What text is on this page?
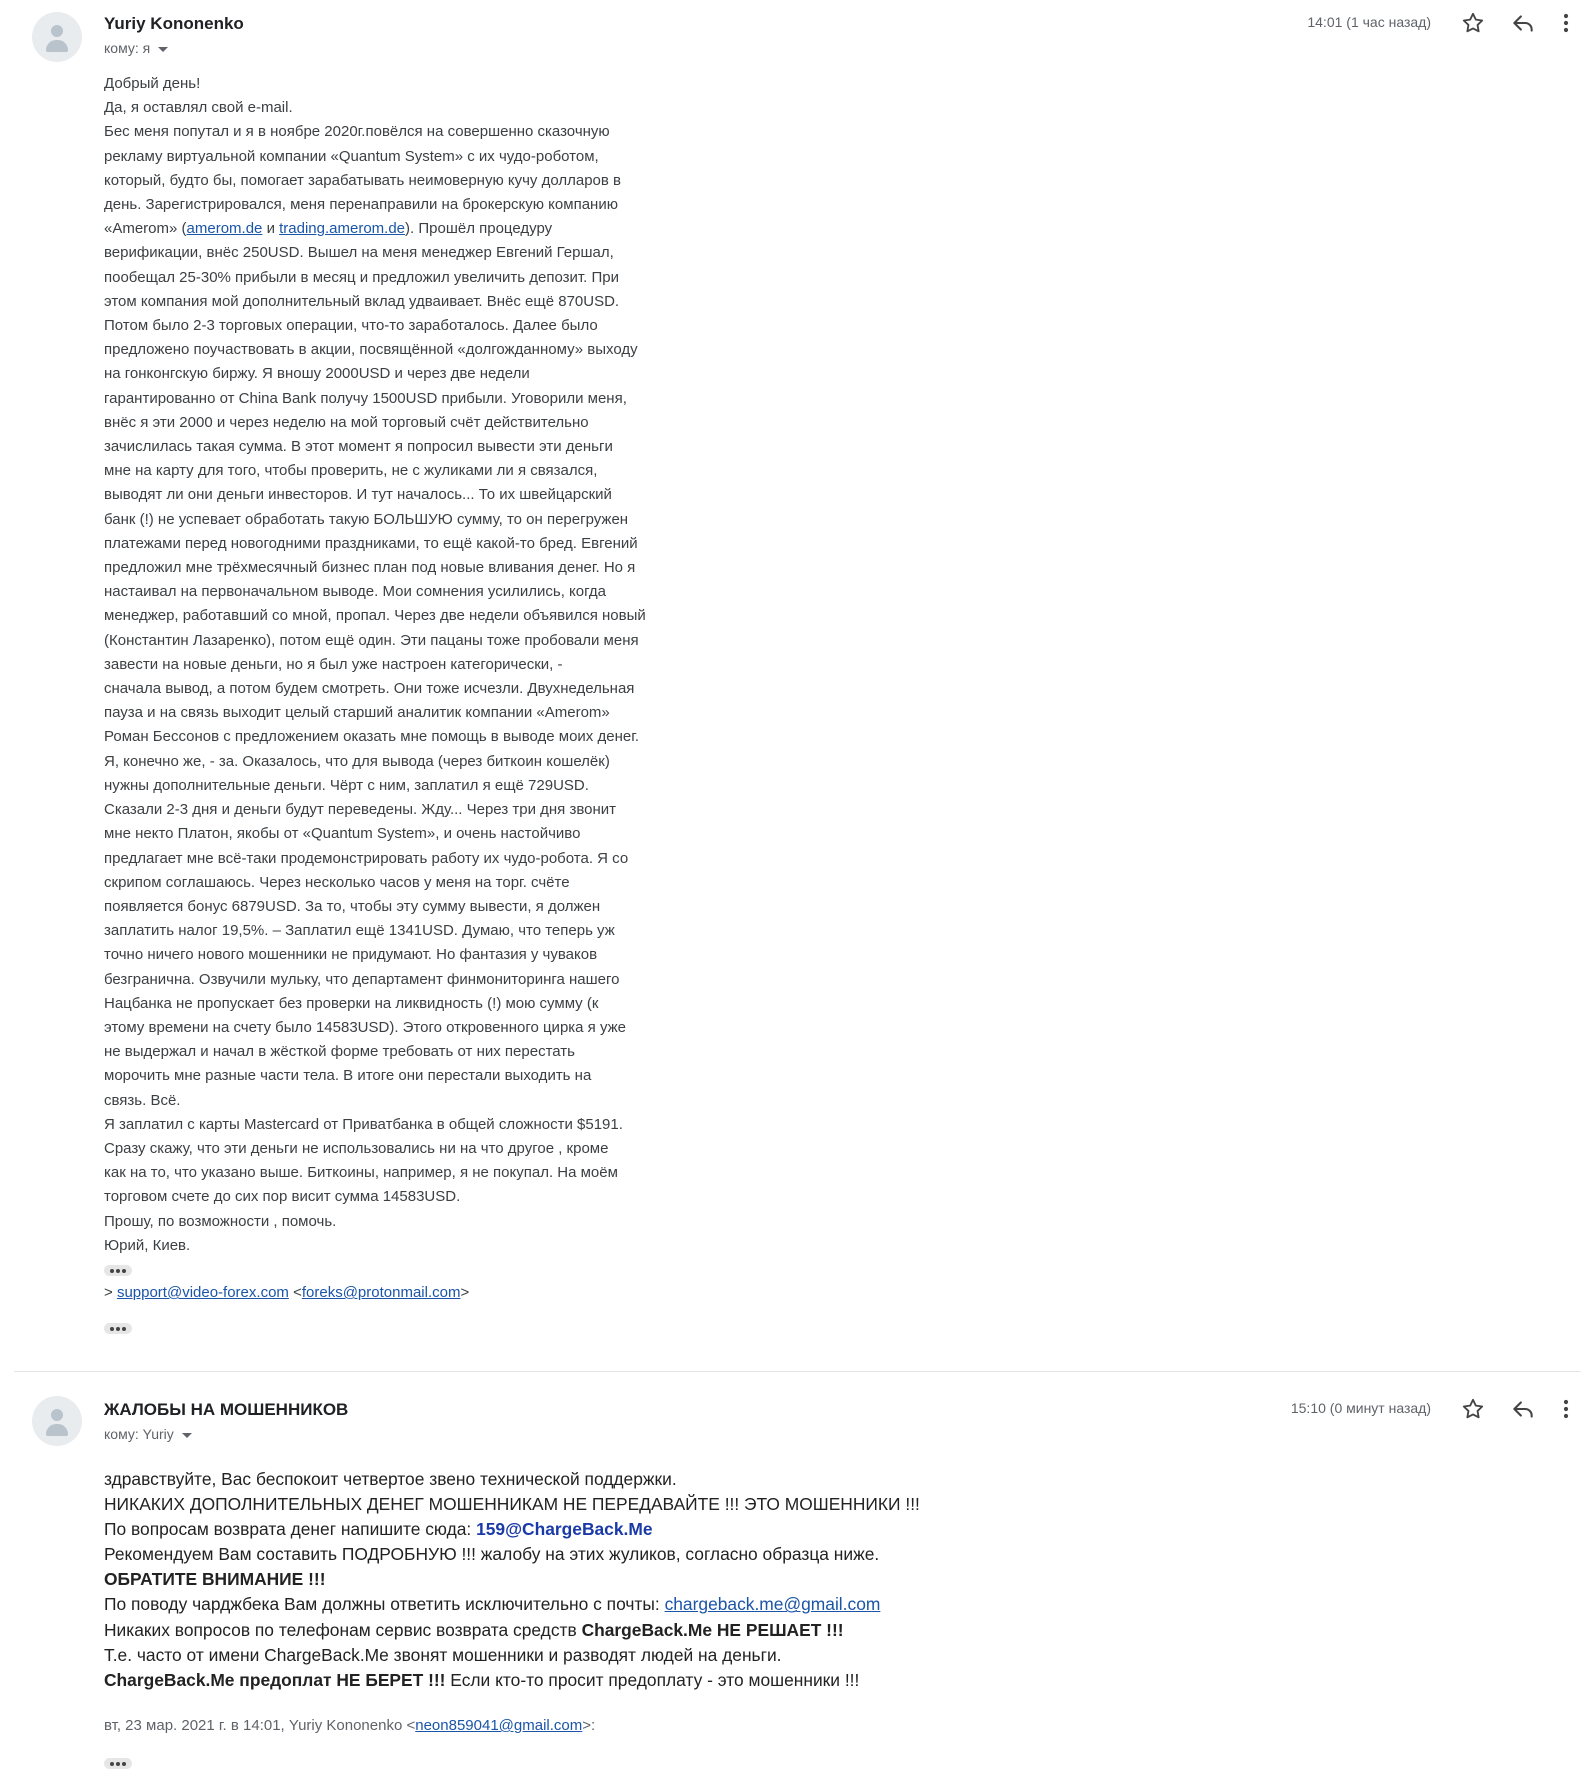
Yuriy Kononenko
кому: я
14:01 (1 час назад)
Добрый день!
Да, я оставлял свой e-mail.
Бес меня попутал и я в ноябре 2020г.повёлся на совершенно сказочную
рекламу виртуальной компании «Quantum System» с их чудо-роботом,
который, будто бы, помогает зарабатывать неимоверную кучу долларов в
день. Зарегистрировался, меня перенаправили на брокерскую компанию
«Amerom» (amerom.de и trading.amerom.de). Прошёл процедуру
верификации, внёс 250USD. Вышел на меня менеджер Евгений Гершал,
пообещал 25-30% прибыли в месяц и предложил увеличить депозит. При
этом компания мой дополнительный вклад удваивает. Внёс ещё 870USD.
Потом было 2-3 торговых операции, что-то заработалось. Далее было
предложено поучаствовать в акции, посвящённой «долгожданному» выходу
на гонконгскую биржу. Я вношу 2000USD и через две недели
гарантированно от China Bank получу 1500USD прибыли. Уговорили меня,
внёс я эти 2000 и через неделю на мой торговый счёт действительно
зачислилась такая сумма. В этот момент я попросил вывести эти деньги
мне на карту для того, чтобы проверить, не с жуликами ли я связался,
выводят ли они деньги инвесторов. И тут началось... То их швейцарский
банк (!) не успевает обработать такую БОЛЬШУЮ сумму, то он перегружен
платежами перед новогодними праздниками, то ещё какой-то бред. Евгений
предложил мне трёхмесячный бизнес план под новые вливания денег. Но я
настаивал на первоначальном выводе. Мои сомнения усилились, когда
менеджер, работавший со мной, пропал. Через две недели объявился новый
(Константин Лазаренко), потом ещё один. Эти пацаны тоже пробовали меня
завести на новые деньги, но я был уже настроен категорически, -
сначала вывод, а потом будем смотреть. Они тоже исчезли. Двухнедельная
пауза и на связь выходит целый старший аналитик компании «Amerom»
Роман Бессонов с предложением оказать мне помощь в выводе моих денег.
Я, конечно же, - за. Оказалось, что для вывода (через биткоин кошелёк)
нужны дополнительные деньги. Чёрт с ним, заплатил я ещё 729USD.
Сказали 2-3 дня и деньги будут переведены. Жду... Через три дня звонит
мне некто Платон, якобы от «Quantum System», и очень настойчиво
предлагает мне всё-таки продемонстрировать работу их чудо-робота. Я со
скрипом соглашаюсь. Через несколько часов у меня на торг. счёте
появляется бонус 6879USD. За то, чтобы эту сумму вывести, я должен
заплатить налог 19,5%. – Заплатил ещё 1341USD. Думаю, что теперь уж
точно ничего нового мошенники не придумают. Но фантазия у чуваков
безгранична. Озвучили мульку, что департамент финмониторинга нашего
Нацбанка не пропускает без проверки на ликвидность (!) мою сумму (к
этому времени на счету было 14583USD). Этого откровенного цирка я уже
не выдержал и начал в жёсткой форме требовать от них перестать
морочить мне разные части тела. В итоге они перестали выходить на
связь. Всё.
Я заплатил с карты Mastercard от Приватбанка в общей сложности $5191.
Сразу скажу, что эти деньги не использовались ни на что другое , кроме
как на то, что указано выше. Биткоины, например, я не покупал. На моём
торговом счете до сих пор висит сумма 14583USD.
Прошу, по возможности , помочь.
Юрий, Киев.
> support@video-forex.com <foreks@protonmail.com>
ЖАЛОБЫ НА МОШЕННИКОВ
кому: Yuriy
15:10 (0 минут назад)
здравствуйте, Вас беспокоит четвертое звено технической поддержки.
НИКАКИХ ДОПОЛНИТЕЛЬНЫХ ДЕНЕГ МОШЕННИКАМ НЕ ПЕРЕДАВАЙТЕ !!! ЭТО МОШЕННИКИ !!!
По вопросам возврата денег напишите сюда: 159@ChargeBack.Me
Рекомендуем Вам составить ПОДРОБНУЮ !!! жалобу на этих жуликов, согласно образца ниже.
ОБРАТИТЕ ВНИМАНИЕ !!!
По поводу чарджбека Вам должны ответить исключительно с почты: chargeback.me@gmail.com
Никаких вопросов по телефонам сервис возврата средств ChargeBack.Me НЕ РЕШАЕТ !!!
Т.е. часто от имени ChargeBack.Me звонят мошенники и разводят людей на деньги.
ChargeBack.Me предоплат НЕ БЕРЕТ !!! Если кто-то просит предоплату - это мошенники !!!
вт, 23 мар. 2021 г. в 14:01, Yuriy Kononenko <neon859041@gmail.com>:
